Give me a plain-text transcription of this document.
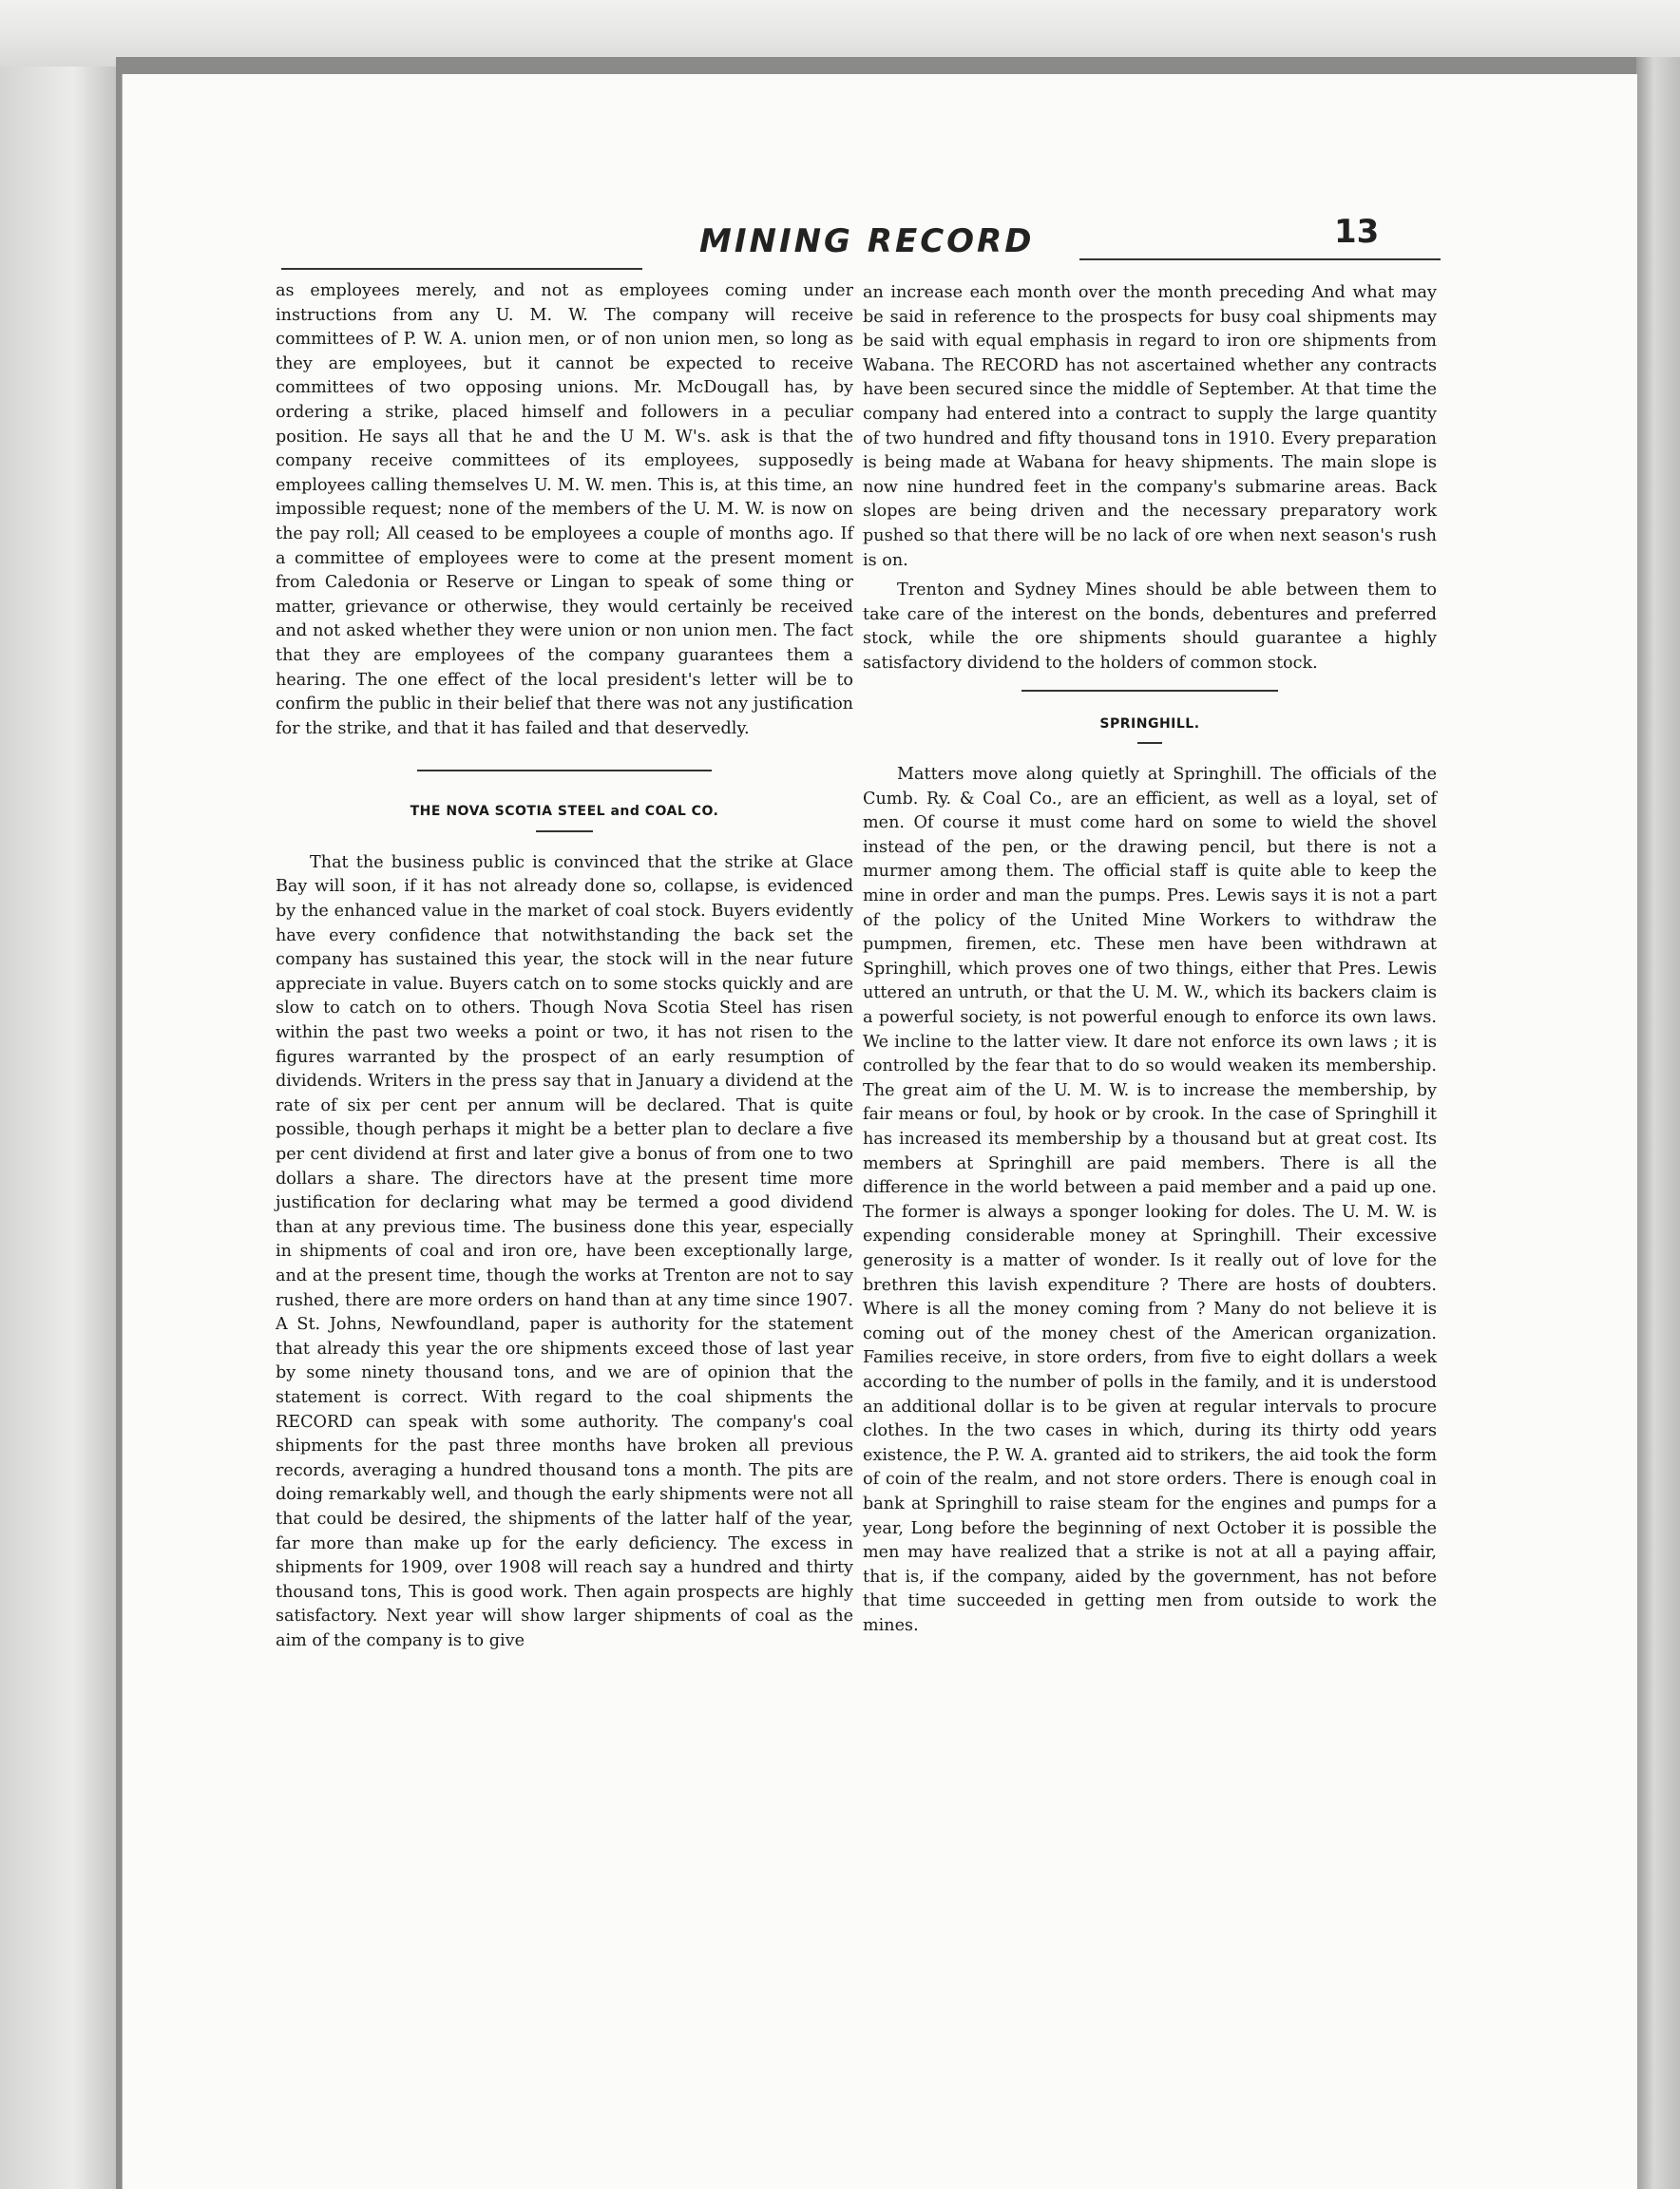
MINING RECORD	13

as employees merely, and not as employees coming under instructions from any U. M. W. The company will receive committees of P. W. A. union men, or of non union men, so long as they are employees, but it cannot be expected to receive committees of two opposing unions. Mr. McDougall has, by ordering a strike, placed himself and followers in a peculiar position. He says all that he and the U M. W's. ask is that the company receive committees of its employees, supposedly employees calling themselves U. M. W. men. This is, at this time, an impossible request; none of the members of the U. M. W. is now on the pay roll; All ceased to be employees a couple of months ago. If a committee of employees were to come at the present moment from Caledonia or Reserve or Lingan to speak of some thing or matter, grievance or otherwise, they would certainly be received and not asked whether they were union or non union men. The fact that they are employees of the company guarantees them a hearing. The one effect of the local president's letter will be to confirm the public in their belief that there was not any justification for the strike, and that it has failed and that deservedly.

THE NOVA SCOTIA STEEL and COAL CO.

That the business public is convinced that the strike at Glace Bay will soon, if it has not already done so, collapse, is evidenced by the enhanced value in the market of coal stock. Buyers evidently have every confidence that notwithstanding the back set the company has sustained this year, the stock will in the near future appreciate in value. Buyers catch on to some stocks quickly and are slow to catch on to others. Though Nova Scotia Steel has risen within the past two weeks a point or two, it has not risen to the figures warranted by the prospect of an early resumption of dividends. Writers in the press say that in January a dividend at the rate of six per cent per annum will be declared. That is quite possible, though perhaps it might be a better plan to declare a five per cent dividend at first and later give a bonus of from one to two dollars a share. The directors have at the present time more justification for declaring what may be termed a good dividend than at any previous time. The business done this year, especially in shipments of coal and iron ore, have been exceptionally large, and at the present time, though the works at Trenton are not to say rushed, there are more orders on hand than at any time since 1907. A St. Johns, Newfoundland, paper is authority for the statement that already this year the ore shipments exceed those of last year by some ninety thousand tons, and we are of opinion that the statement is correct. With regard to the coal shipments the RECORD can speak with some authority. The company's coal shipments for the past three months have broken all previous records, averaging a hundred thousand tons a month. The pits are doing remarkably well, and though the early shipments were not all that could be desired, the shipments of the latter half of the year, far more than make up for the early deficiency. The excess in shipments for 1909, over 1908 will reach say a hundred and thirty thousand tons, This is good work. Then again prospects are highly satisfactory. Next year will show larger shipments of coal as the aim of the company is to give

an increase each month over the month preceding And what may be said in reference to the prospects for busy coal shipments may be said with equal emphasis in regard to iron ore shipments from Wabana. The RECORD has not ascertained whether any contracts have been secured since the middle of September. At that time the company had entered into a contract to supply the large quantity of two hundred and fifty thousand tons in 1910. Every preparation is being made at Wabana for heavy shipments. The main slope is now nine hundred feet in the company's submarine areas. Back slopes are being driven and the necessary preparatory work pushed so that there will be no lack of ore when next season's rush is on.

Trenton and Sydney Mines should be able between them to take care of the interest on the bonds, debentures and preferred stock, while the ore shipments should guarantee a highly satisfactory dividend to the holders of common stock.

SPRINGHILL.

Matters move along quietly at Springhill. The officials of the Cumb. Ry. & Coal Co., are an efficient, as well as a loyal, set of men. Of course it must come hard on some to wield the shovel instead of the pen, or the drawing pencil, but there is not a murmer among them. The official staff is quite able to keep the mine in order and man the pumps. Pres. Lewis says it is not a part of the policy of the United Mine Workers to withdraw the pumpmen, firemen, etc. These men have been withdrawn at Springhill, which proves one of two things, either that Pres. Lewis uttered an untruth, or that the U. M. W., which its backers claim is a powerful society, is not powerful enough to enforce its own laws. We incline to the latter view. It dare not enforce its own laws ; it is controlled by the fear that to do so would weaken its membership. The great aim of the U. M. W. is to increase the membership, by fair means or foul, by hook or by crook. In the case of Springhill it has increased its membership by a thousand but at great cost. Its members at Springhill are paid members. There is all the difference in the world between a paid member and a paid up one. The former is always a sponger looking for doles. The U. M. W. is expending considerable money at Springhill. Their excessive generosity is a matter of wonder. Is it really out of love for the brethren this lavish expenditure ? There are hosts of doubters. Where is all the money coming from ? Many do not believe it is coming out of the money chest of the American organization. Families receive, in store orders, from five to eight dollars a week according to the number of polls in the family, and it is understood an additional dollar is to be given at regular intervals to procure clothes. In the two cases in which, during its thirty odd years existence, the P. W. A. granted aid to strikers, the aid took the form of coin of the realm, and not store orders. There is enough coal in bank at Springhill to raise steam for the engines and pumps for a year, Long before the beginning of next October it is possible the men may have realized that a strike is not at all a paying affair, that is, if the company, aided by the government, has not before that time succeeded in getting men from outside to work the mines.
